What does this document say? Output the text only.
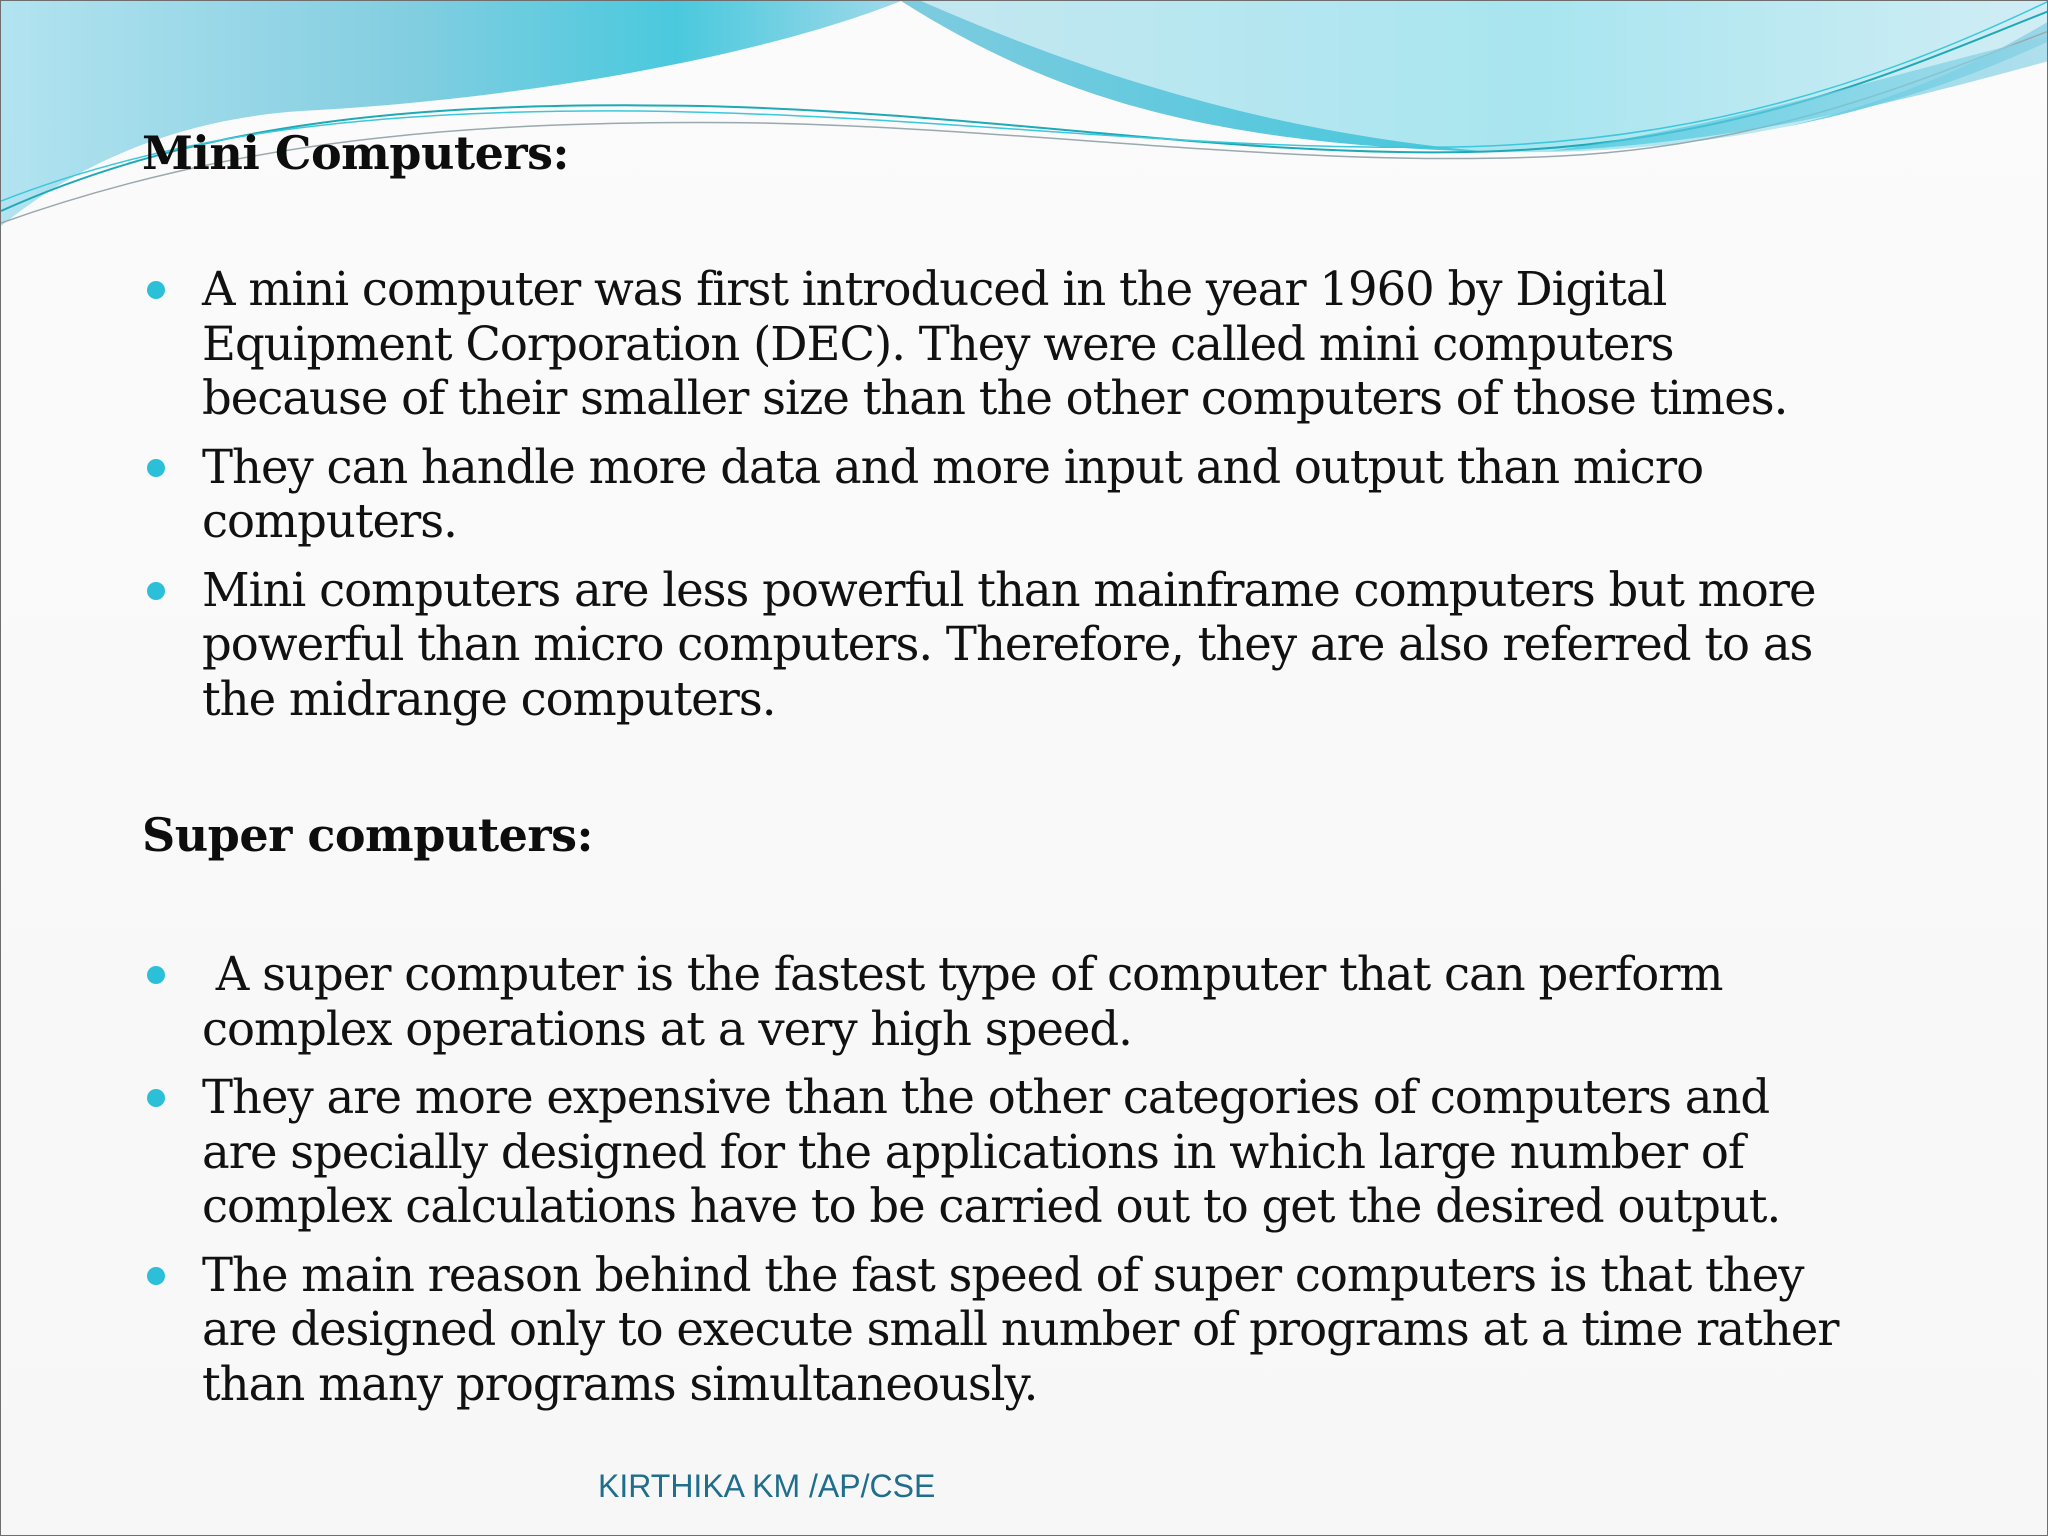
Mini Computers:
A mini computer was first introduced in the year 1960 by Digital
Equipment Corporation (DEC). They were called mini computers
because of their smaller size than the other computers of those times.
They can handle more data and more input and output than micro
computers.
Mini computers are less powerful than mainframe computers but more
powerful than micro computers. Therefore, they are also referred to as
the midrange computers.
Super computers:
A super computer is the fastest type of computer that can perform
complex operations at a very high speed.
They are more expensive than the other categories of computers and
are specially designed for the applications in which large number of
complex calculations have to be carried out to get the desired output.
The main reason behind the fast speed of super computers is that they
are designed only to execute small number of programs at a time rather
than many programs simultaneously.
KIRTHIKA KM /AP/CSE
